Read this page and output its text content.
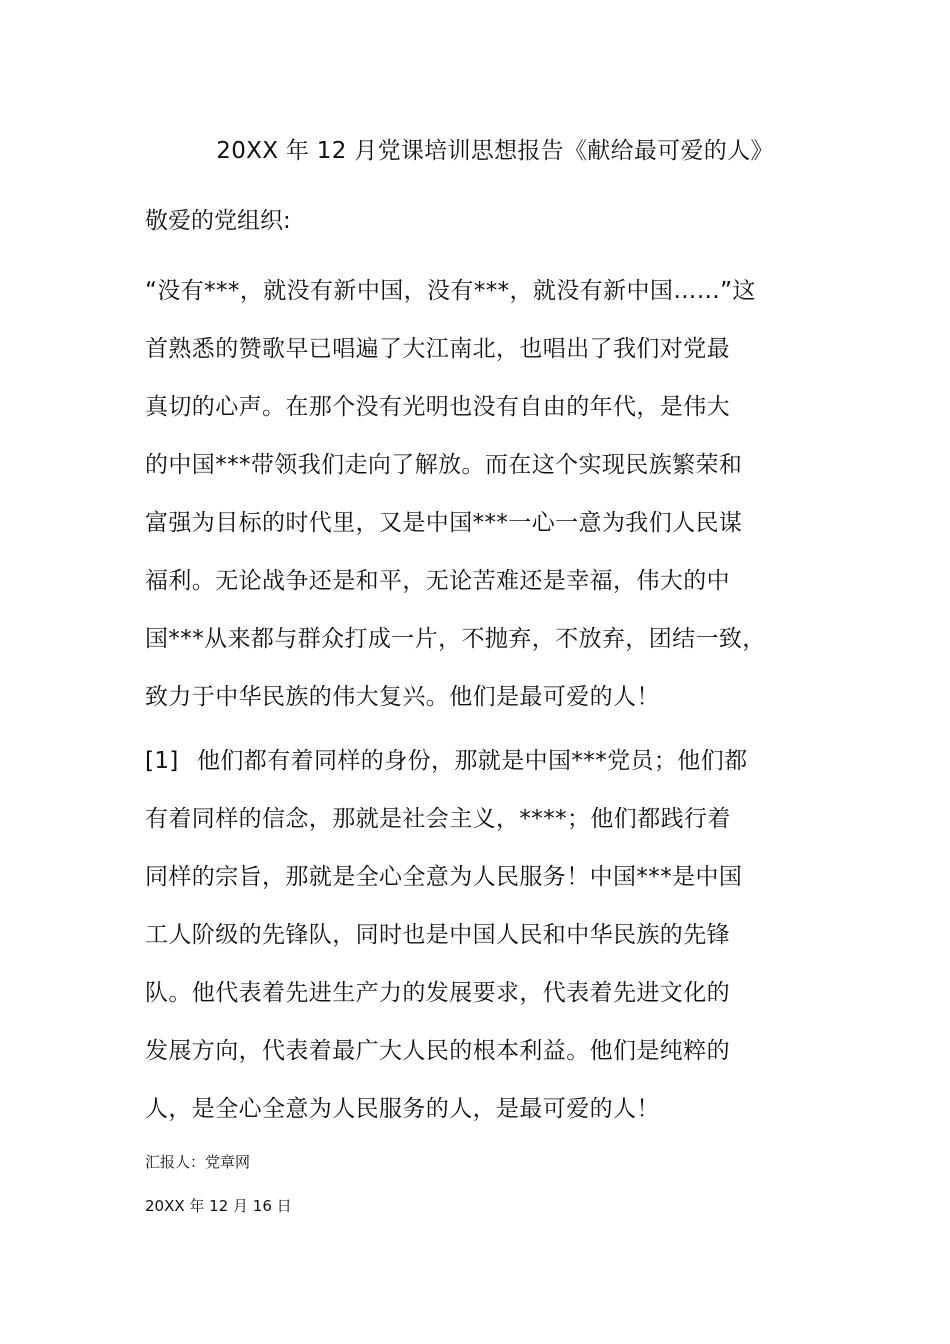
20XX 年 12 月党课培训思想报告《献给最可爱的人》
敬爱的党组织:
“没有***，就没有新中国，没有***，就没有新中国……”这
首熟悉的赞歌早已唱遍了大江南北，也唱出了我们对党最
真切的心声。在那个没有光明也没有自由的年代，是伟大
的中国***带领我们走向了解放。而在这个实现民族繁荣和
富强为目标的时代里，又是中国***一心一意为我们人民谋
福利。无论战争还是和平，无论苦难还是幸福，伟大的中
国***从来都与群众打成一片，不抛弃，不放弃，团结一致，
致力于中华民族的伟大复兴。他们是最可爱的人！
[1] 他们都有着同样的身份，那就是中国***党员；他们都
有着同样的信念，那就是社会主义，****；他们都践行着
同样的宗旨，那就是全心全意为人民服务！中国***是中国
工人阶级的先锋队，同时也是中国人民和中华民族的先锋
队。他代表着先进生产力的发展要求，代表着先进文化的
发展方向，代表着最广大人民的根本利益。他们是纯粹的
人，是全心全意为人民服务的人，是最可爱的人！
汇报人：党章网
20XX 年 12 月 16 日
